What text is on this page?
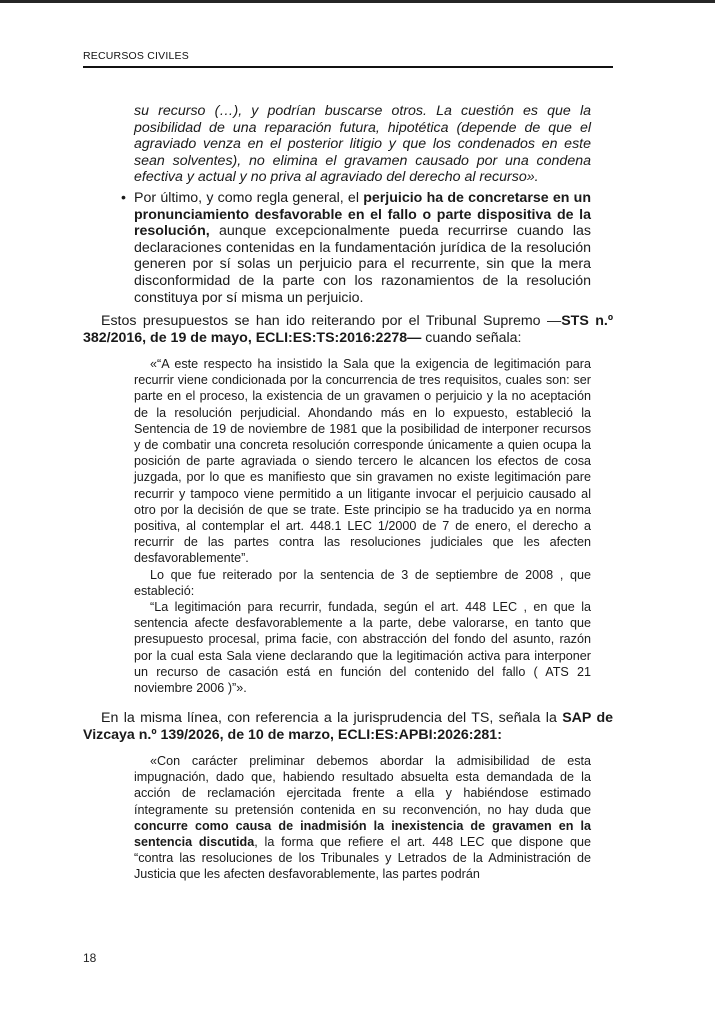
RECURSOS CIVILES
su recurso (…), y podrían buscarse otros. La cuestión es que la posibilidad de una reparación futura, hipotética (depende de que el agraviado venza en el posterior litigio y que los condenados en este sean solventes), no elimina el gravamen causado por una condena efectiva y actual y no priva al agraviado del derecho al recurso».
• Por último, y como regla general, el perjuicio ha de concretarse en un pronunciamiento desfavorable en el fallo o parte dispositiva de la resolución, aunque excepcionalmente pueda recurrirse cuando las declaraciones contenidas en la fundamentación jurídica de la resolución generen por sí solas un perjuicio para el recurrente, sin que la mera disconformidad de la parte con los razonamientos de la resolución constituya por sí misma un perjuicio.
Estos presupuestos se han ido reiterando por el Tribunal Supremo —STS n.º 382/2016, de 19 de mayo, ECLI:ES:TS:2016:2278— cuando señala:

«“A este respecto ha insistido la Sala que la exigencia de legitimación para recurrir viene condicionada por la concurrencia de tres requisitos, cuales son: ser parte en el proceso, la existencia de un gravamen o perjuicio y la no aceptación de la resolución perjudicial. Ahondando más en lo expuesto, estableció la Sentencia de 19 de noviembre de 1981 que la posibilidad de interponer recursos y de combatir una concreta resolución corresponde únicamente a quien ocupa la posición de parte agraviada o siendo tercero le alcancen los efectos de cosa juzgada, por lo que es manifiesto que sin gravamen no existe legitimación pare recurrir y tampoco viene permitido a un litigante invocar el perjuicio causado al otro por la decisión de que se trate. Este principio se ha traducido ya en norma positiva, al contemplar el art. 448.1 LEC 1/2000 de 7 de enero, el derecho a recurrir de las partes contra las resoluciones judiciales que les afecten desfavorablemente”.

Lo que fue reiterado por la sentencia de 3 de septiembre de 2008 , que estableció:

“La legitimación para recurrir, fundada, según el art. 448 LEC , en que la sentencia afecte desfavorablemente a la parte, debe valorarse, en tanto que presupuesto procesal, prima facie, con abstracción del fondo del asunto, razón por la cual esta Sala viene declarando que la legitimación activa para interponer un recurso de casación está en función del contenido del fallo ( ATS 21 noviembre 2006 )”».

En la misma línea, con referencia a la jurisprudencia del TS, señala la SAP de Vizcaya n.º 139/2026, de 10 de marzo, ECLI:ES:APBI:2026:281:

«Con carácter preliminar debemos abordar la admisibilidad de esta impugnación, dado que, habiendo resultado absuelta esta demandada de la acción de reclamación ejercitada frente a ella y habiéndose estimado íntegramente su pretensión contenida en su reconvención, no hay duda que concurre como causa de inadmisión la inexistencia de gravamen en la sentencia discutida, la forma que refiere el art. 448 LEC que dispone que “contra las resoluciones de los Tribunales y Letrados de la Administración de Justicia que les afecten desfavorablemente, las partes podrán

18
